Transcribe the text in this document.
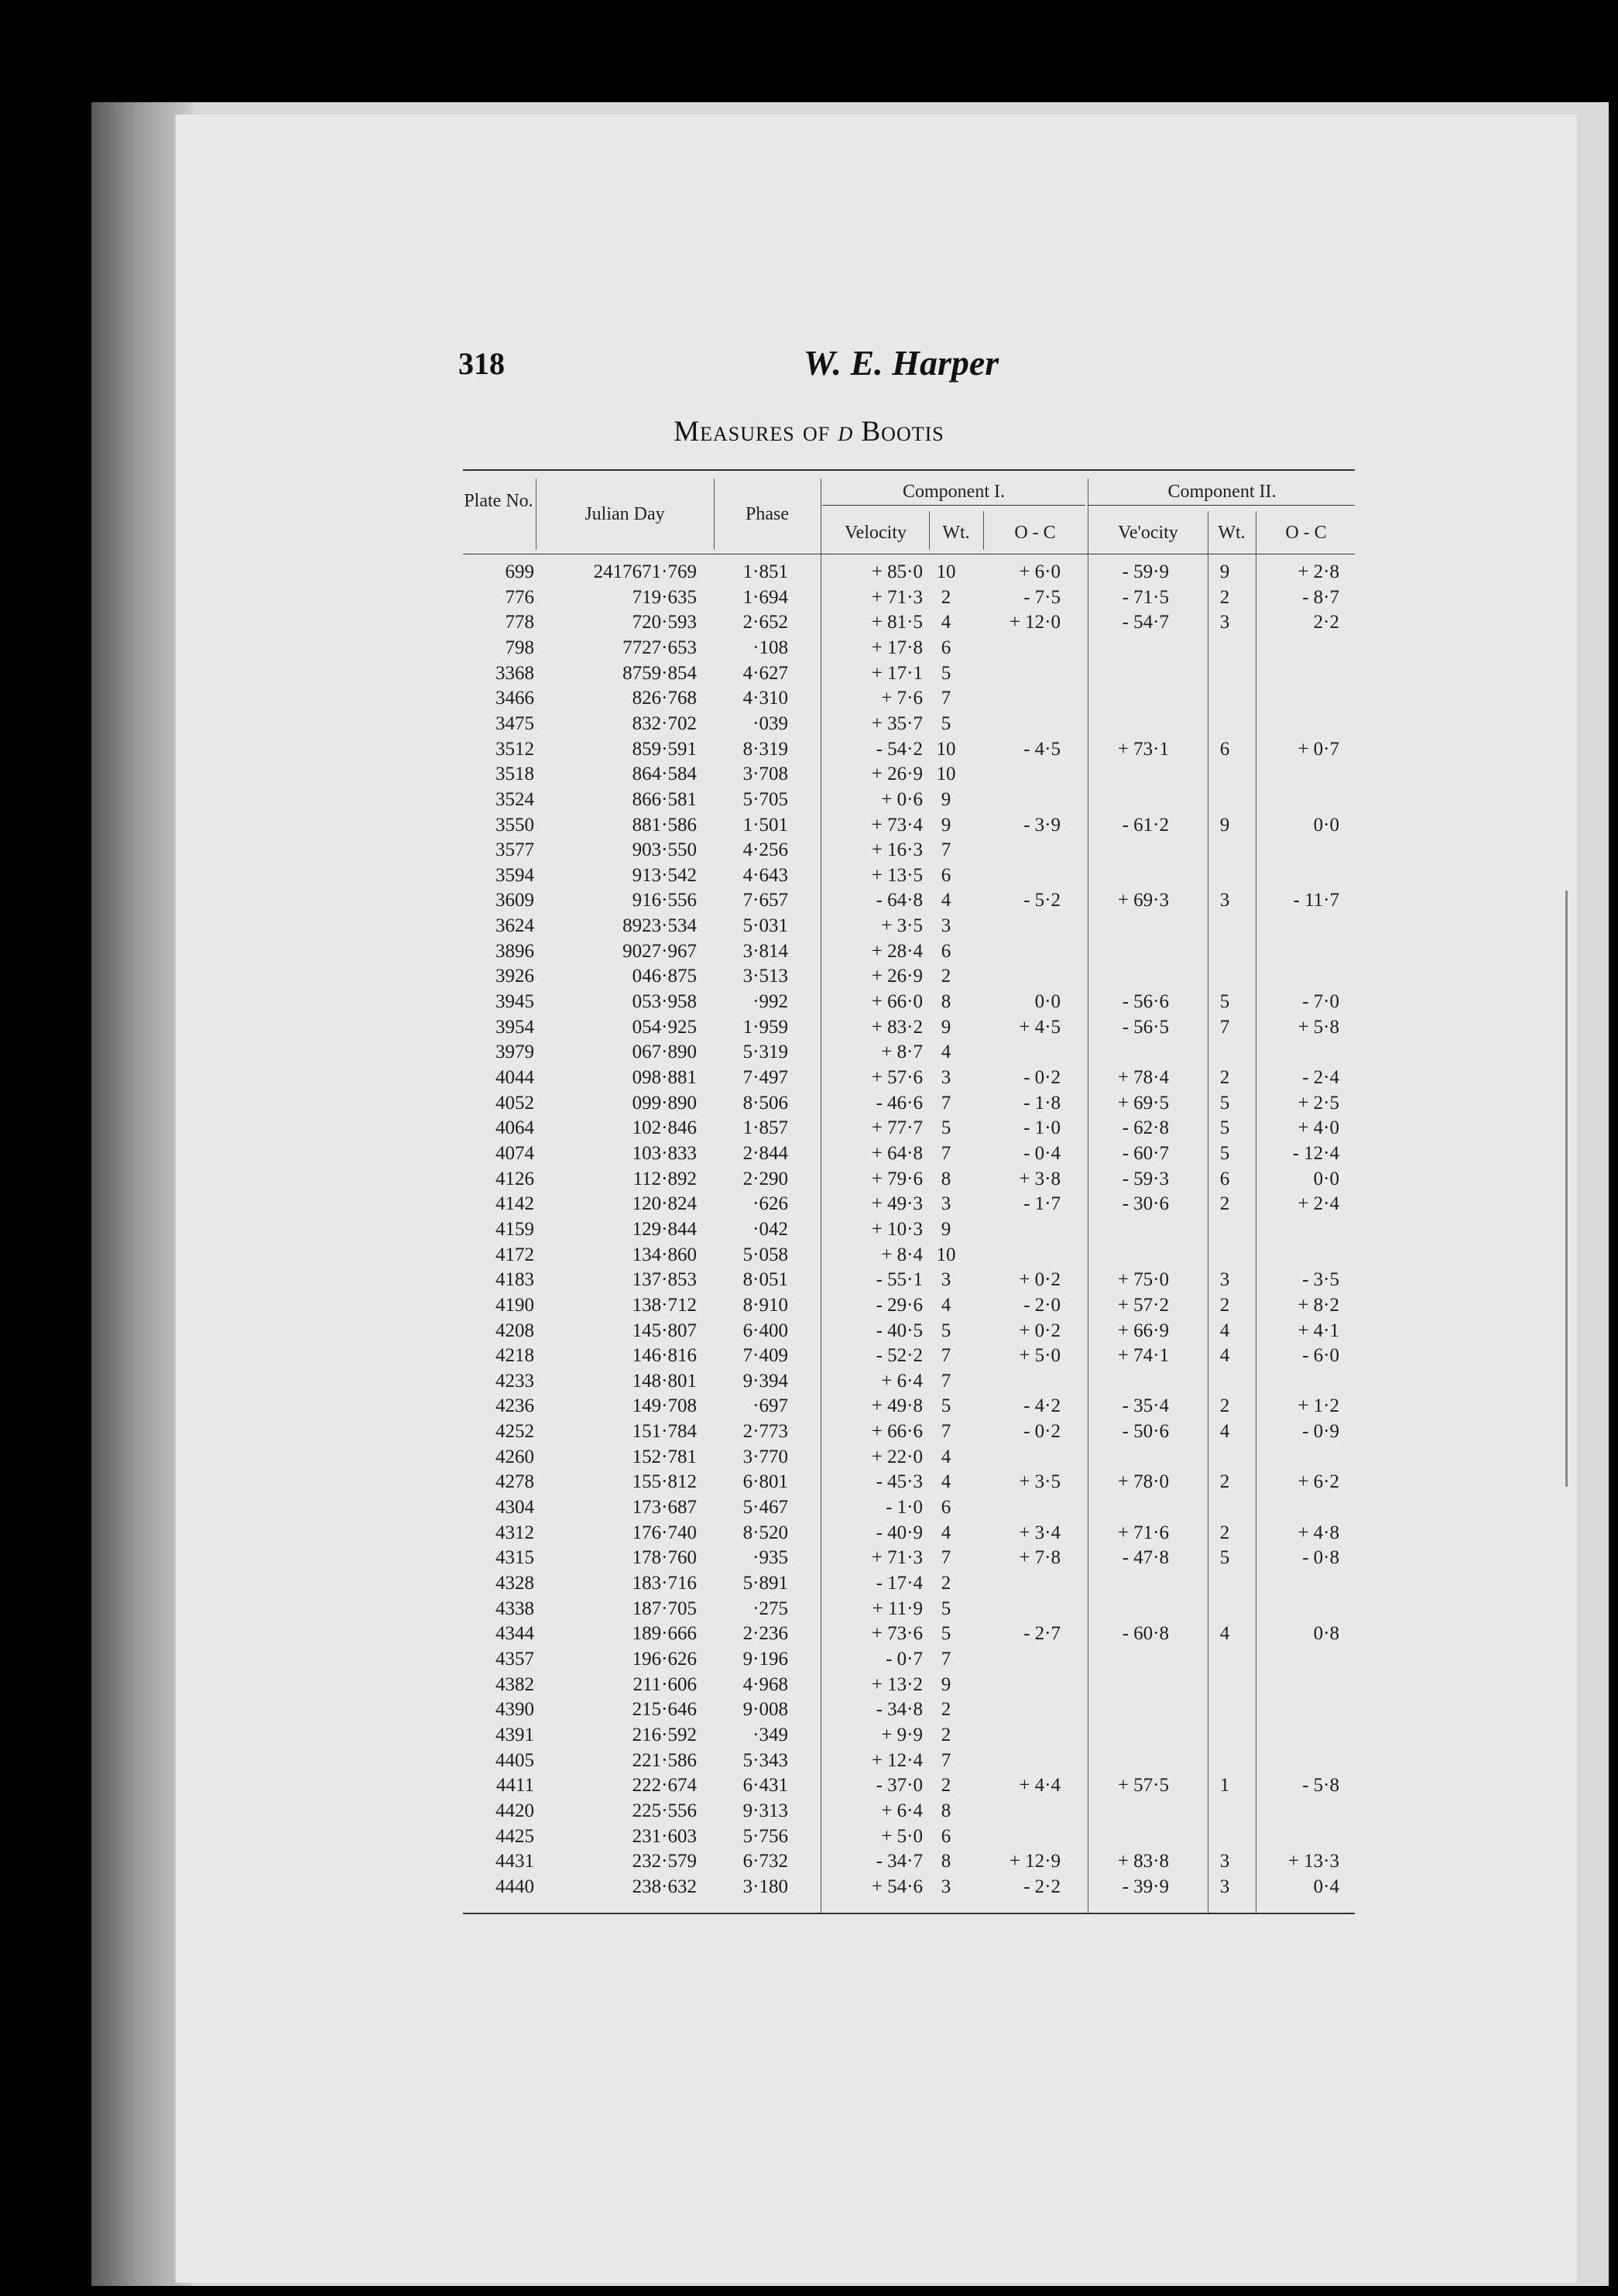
318	W. E. Harper
Measures of d Bootis
Plate No.
Julian Day	Phase
Component I.	Component II.
Velocity	Wt.	O - C	Ve'ocity	Wt.	O - C
699	2417671·769	1·851	+ 85·0 10	+ 6·0	- 59·9	9	+ 2·8
776	719·635	1·694	+ 71·3 2	- 7·5	- 71·5	2	- 8·7
778	720·593	2·652	+ 81·5 4	+ 12·0	- 54·7	3	2·2
798	7727·653	·108	+ 17·8 6
3368	8759·854	4·627	+ 17·1 5
3466	826·768	4·310	+ 7·6 7
3475	832·702	·039	+ 35·7 5
3512	859·591	8·319	- 54·2 10	- 4·5	+ 73·1	6	+ 0·7
3518	864·584	3·708	+ 26·9 10
3524	866·581	5·705	+ 0·6 9
3550	881·586	1·501	+ 73·4 9	- 3·9	- 61·2	9	0·0
3577	903·550	4·256	+ 16·3 7
3594	913·542	4·643	+ 13·5 6
3609	916·556	7·657	- 64·8 4	- 5·2	+ 69·3	3	- 11·7
3624	8923·534	5·031	+ 3·5 3
3896	9027·967	3·814	+ 28·4 6
3926	046·875	3·513	+ 26·9 2
3945	053·958	·992	+ 66·0 8	0·0	- 56·6	5	- 7·0
3954	054·925	1·959	+ 83·2 9	+ 4·5	- 56·5	7	+ 5·8
3979	067·890	5·319	+ 8·7 4
4044	098·881	7·497	+ 57·6 3	- 0·2	+ 78·4	2	- 2·4
4052	099·890	8·506	- 46·6 7	- 1·8	+ 69·5	5	+ 2·5
4064	102·846	1·857	+ 77·7 5	- 1·0	- 62·8	5	+ 4·0
4074	103·833	2·844	+ 64·8 7	- 0·4	- 60·7	5	- 12·4
4126	112·892	2·290	+ 79·6 8	+ 3·8	- 59·3	6	0·0
4142	120·824	·626	+ 49·3 3	- 1·7	- 30·6	2	+ 2·4
4159	129·844	·042	+ 10·3 9
4172	134·860	5·058	+ 8·4 10
4183	137·853	8·051	- 55·1 3	+ 0·2	+ 75·0	3	- 3·5
4190	138·712	8·910	- 29·6 4	- 2·0	+ 57·2	2	+ 8·2
4208	145·807	6·400	- 40·5 5	+ 0·2	+ 66·9	4	+ 4·1
4218	146·816	7·409	- 52·2 7	+ 5·0	+ 74·1	4	- 6·0
4233	148·801	9·394	+ 6·4 7
4236	149·708	·697	+ 49·8 5	- 4·2	- 35·4	2	+ 1·2
4252	151·784	2·773	+ 66·6 7	- 0·2	- 50·6	4	- 0·9
4260	152·781	3·770	+ 22·0 4
4278	155·812	6·801	- 45·3 4	+ 3·5	+ 78·0	2	+ 6·2
4304	173·687	5·467	- 1·0 6
4312	176·740	8·520	- 40·9 4	+ 3·4	+ 71·6	2	+ 4·8
4315	178·760	·935	+ 71·3 7	+ 7·8	- 47·8	5	- 0·8
4328	183·716	5·891	- 17·4 2
4338	187·705	·275	+ 11·9 5
4344	189·666	2·236	+ 73·6 5	- 2·7	- 60·8	4	0·8
4357	196·626	9·196	- 0·7 7
4382	211·606	4·968	+ 13·2 9
4390	215·646	9·008	- 34·8 2
4391	216·592	·349	+ 9·9 2
4405	221·586	5·343	+ 12·4 7
4411	222·674	6·431	- 37·0 2	+ 4·4	+ 57·5	1	- 5·8
4420	225·556	9·313	+ 6·4 8
4425	231·603	5·756	+ 5·0 6
4431	232·579	6·732	- 34·7 8	+ 12·9	+ 83·8	3	+ 13·3
4440	238·632	3·180	+ 54·6 3	- 2·2	- 39·9	3	0·4
